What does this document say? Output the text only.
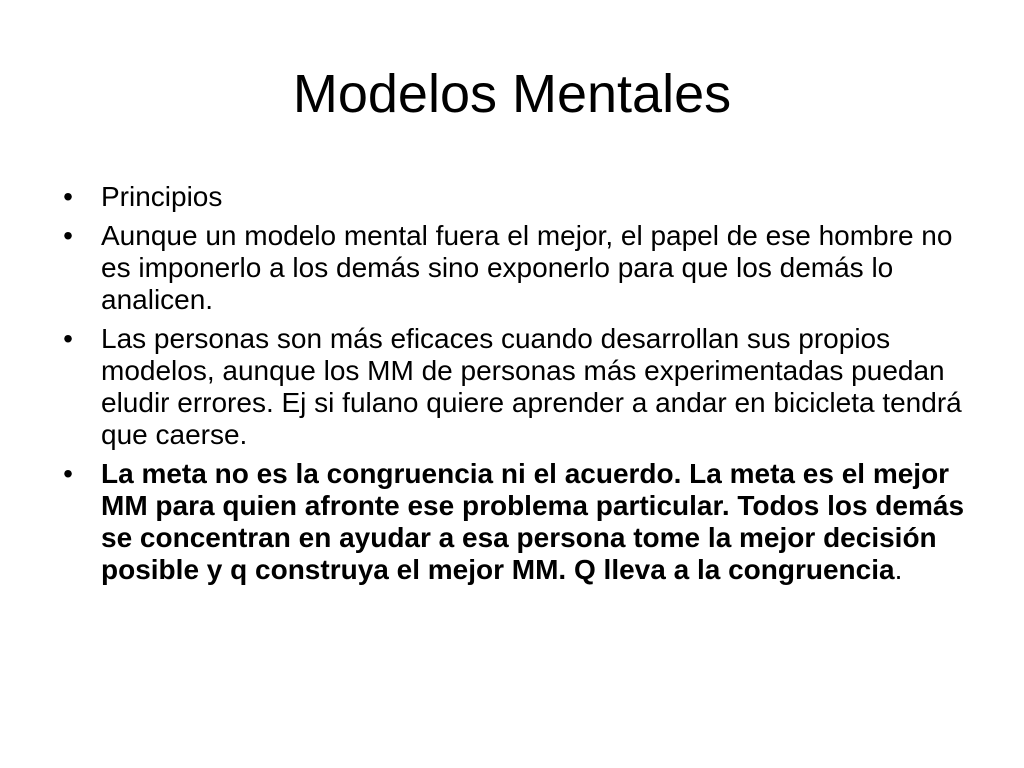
Modelos Mentales
• Principios
• Aunque un modelo mental fuera el mejor, el papel de ese hombre no es imponerlo a los demás sino exponerlo para que los demás lo analicen.
• Las personas son más eficaces cuando desarrollan sus propios modelos, aunque los MM de personas más experimentadas puedan eludir errores. Ej si fulano quiere aprender a andar en bicicleta tendrá que caerse.
• La meta no es la congruencia ni el acuerdo. La meta es el mejor MM para quien afronte ese problema particular. Todos los demás se concentran en ayudar a esa persona tome la mejor decisión posible y q construya el mejor MM. Q lleva a la congruencia.
